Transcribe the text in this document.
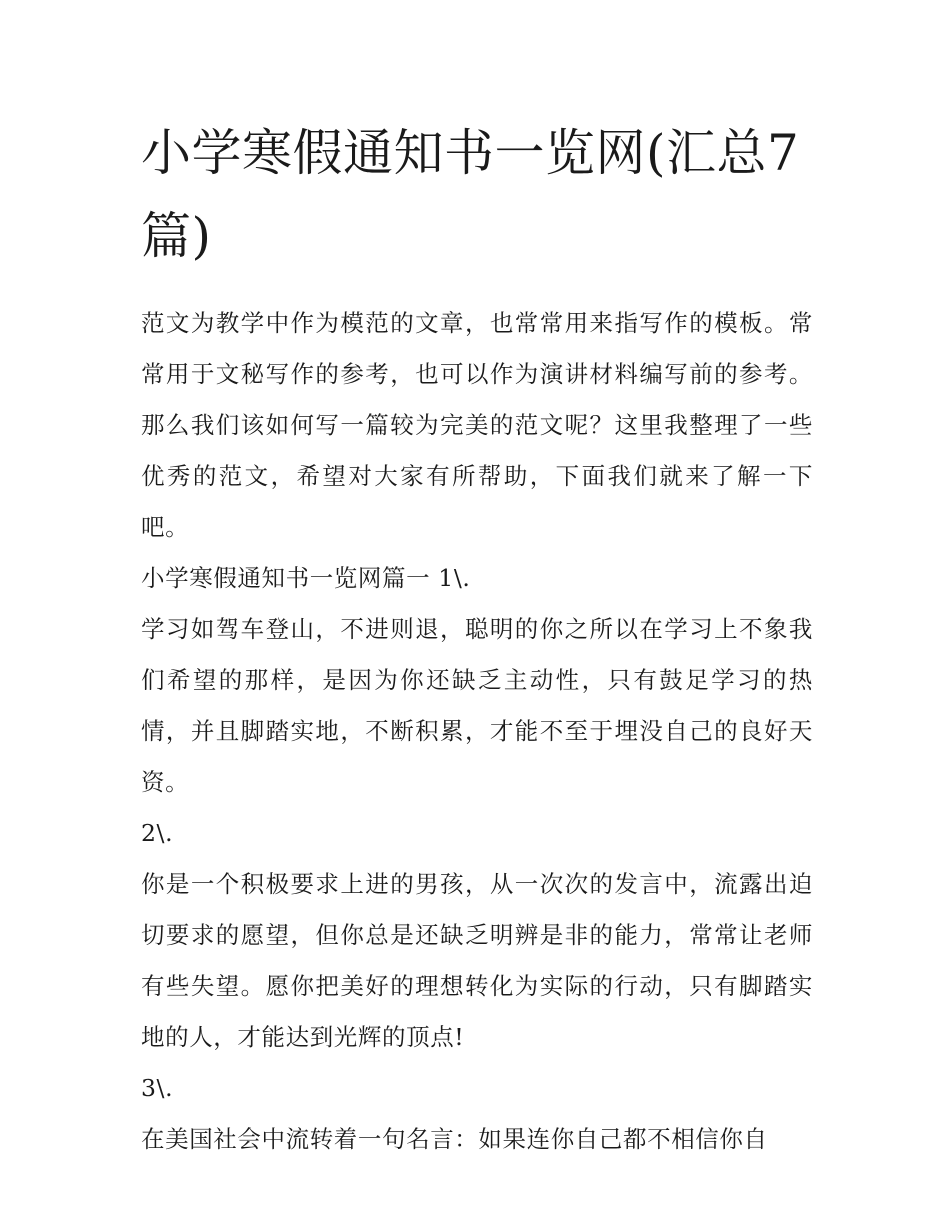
小学寒假通知书一览网(汇总7篇)

范文为教学中作为模范的文章，也常常用来指写作的模板。常常用于文秘写作的参考，也可以作为演讲材料编写前的参考。那么我们该如何写一篇较为完美的范文呢？这里我整理了一些优秀的范文，希望对大家有所帮助，下面我们就来了解一下吧。

小学寒假通知书一览网篇一 1\.

学习如驾车登山，不进则退，聪明的你之所以在学习上不象我们希望的那样，是因为你还缺乏主动性，只有鼓足学习的热情，并且脚踏实地，不断积累，才能不至于埋没自己的良好天资。

2\.

你是一个积极要求上进的男孩，从一次次的发言中，流露出迫切要求的愿望，但你总是还缺乏明辨是非的能力，常常让老师有些失望。愿你把美好的理想转化为实际的行动，只有脚踏实地的人，才能达到光辉的顶点!

3\.

在美国社会中流转着一句名言：如果连你自己都不相信你自
